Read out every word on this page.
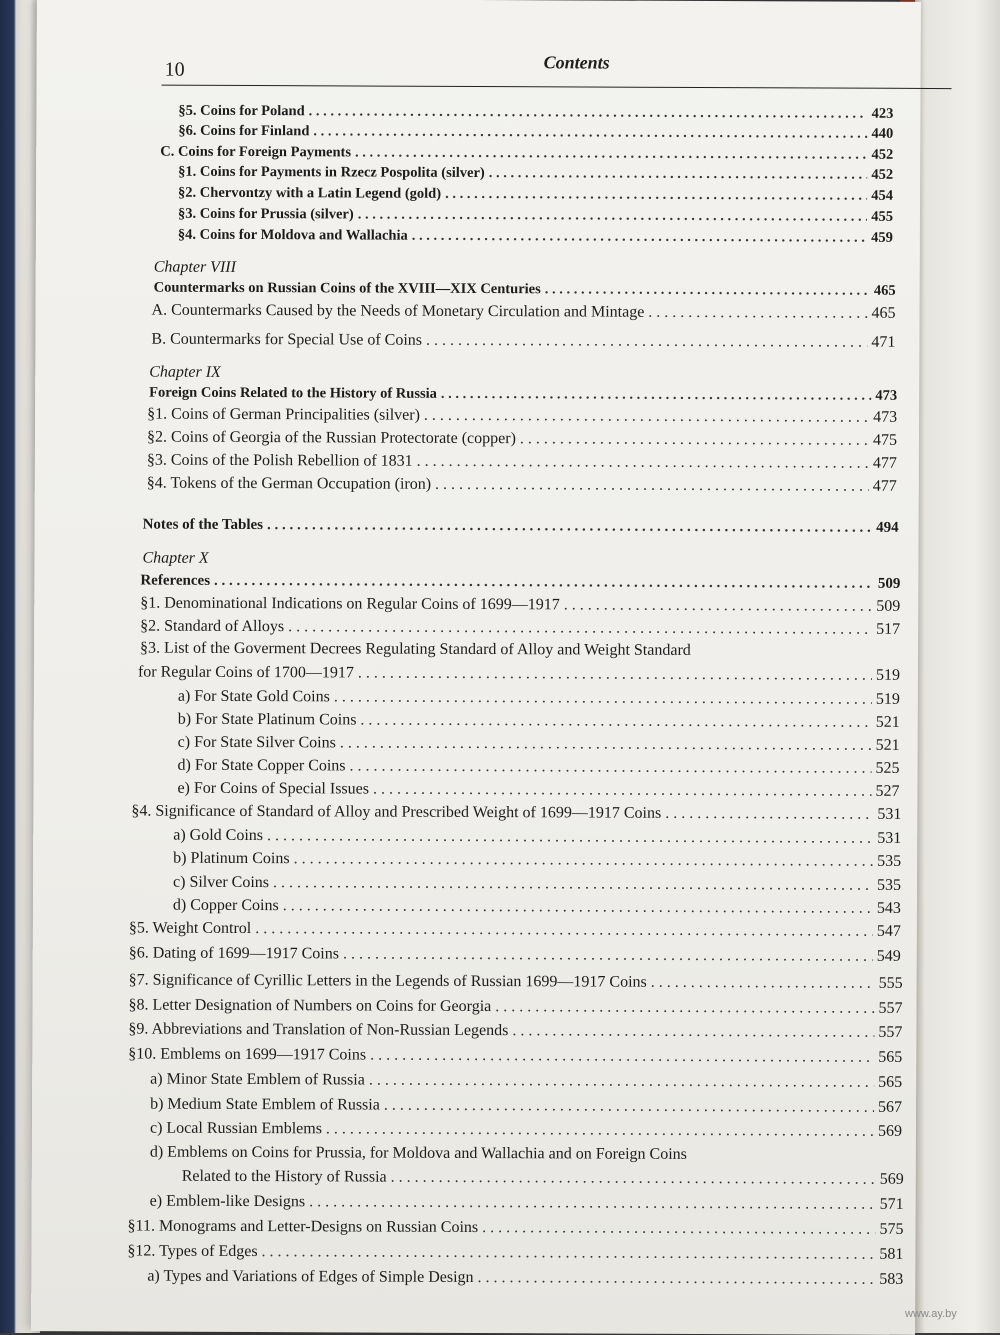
10	Contents
§5. Coins for Poland . . .	423
§6. Coins for Finland . . .	440
C. Coins for Foreign Payments . . .	452
§1. Coins for Payments in Rzecz Pospolita (silver) . . .	452
§2. Chervontzy with a Latin Legend (gold) . . .	454
§3. Coins for Prussia (silver) . . .	455
§4. Coins for Moldova and Wallachia . . .	459
Chapter VIII
Countermarks on Russian Coins of the XVIII—XIX Centuries . . .	465
A. Countermarks Caused by the Needs of Monetary Circulation and Mintage . . .	465
B. Countermarks for Special Use of Coins . . .	471
Chapter IX
Foreign Coins Related to the History of Russia . . .	473
§1. Coins of German Principalities (silver) . . .	473
§2. Coins of Georgia of the Russian Protectorate (copper) . . .	475
§3. Coins of the Polish Rebellion of 1831 . . .	477
§4. Tokens of the German Occupation (iron) . . .	477
Notes of the Tables . . .	494
Chapter X
References . . .	509
§1. Denominational Indications on Regular Coins of 1699—1917 . . .	509
§2. Standard of Alloys . . .	517
§3. List of the Goverment Decrees Regulating Standard of Alloy and Weight Standard
for Regular Coins of 1700—1917 . . .	519
a) For State Gold Coins . . .	519
b) For State Platinum Coins . . .	521
c) For State Silver Coins . . .	521
d) For State Copper Coins . . .	525
e) For Coins of Special Issues . . .	527
§4. Significance of Standard of Alloy and Prescribed Weight of 1699—1917 Coins . . .	531
a) Gold Coins . . .	531
b) Platinum Coins . . .	535
c) Silver Coins . . .	535
d) Copper Coins . . .	543
§5. Weight Control . . .	547
§6. Dating of 1699—1917 Coins . . .	549
§7. Significance of Cyrillic Letters in the Legends of Russian 1699—1917 Coins . . .	555
§8. Letter Designation of Numbers on Coins for Georgia . . .	557
§9. Abbreviations and Translation of Non-Russian Legends . . .	557
§10. Emblems on 1699—1917 Coins . . .	565
a) Minor State Emblem of Russia . . .	565
b) Medium State Emblem of Russia . . .	567
c) Local Russian Emblems . . .	569
d) Emblems on Coins for Prussia, for Moldova and Wallachia and on Foreign Coins
Related to the History of Russia . . .	569
e) Emblem-like Designs . . .	571
§11. Monograms and Letter-Designs on Russian Coins . . .	575
§12. Types of Edges . . .	581
a) Types and Variations of Edges of Simple Design . . .	583
www.ay.by
